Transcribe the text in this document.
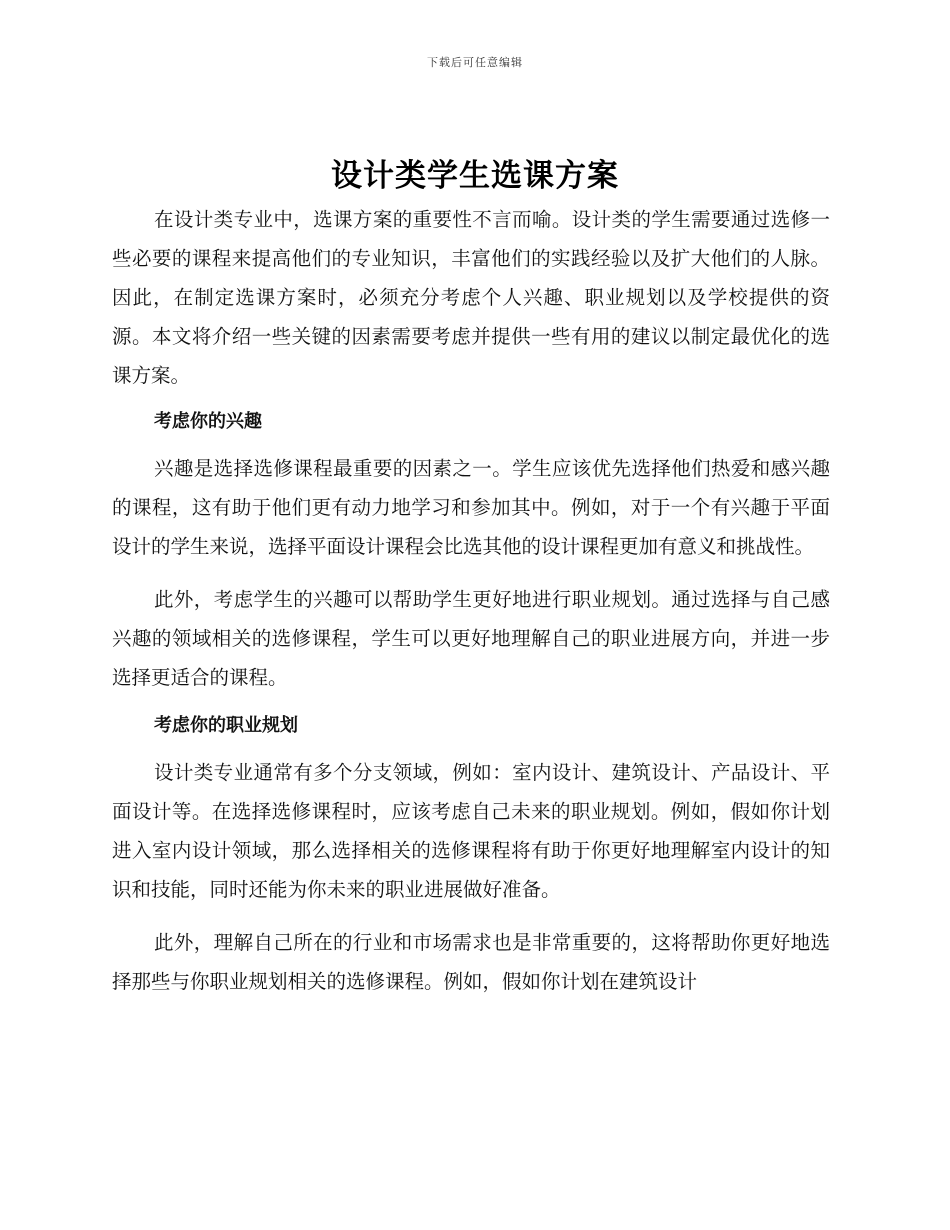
下载后可任意编辑
设计类学生选课方案

在设计类专业中，选课方案的重要性不言而喻。设计类的学生需要通过选修一些必要的课程来提高他们的专业知识，丰富他们的实践经验以及扩大他们的人脉。因此，在制定选课方案时，必须充分考虑个人兴趣、职业规划以及学校提供的资源。本文将介绍一些关键的因素需要考虑并提供一些有用的建议以制定最优化的选课方案。

考虑你的兴趣

兴趣是选择选修课程最重要的因素之一。学生应该优先选择他们热爱和感兴趣的课程，这有助于他们更有动力地学习和参加其中。例如，对于一个有兴趣于平面设计的学生来说，选择平面设计课程会比选其他的设计课程更加有意义和挑战性。

此外，考虑学生的兴趣可以帮助学生更好地进行职业规划。通过选择与自己感兴趣的领域相关的选修课程，学生可以更好地理解自己的职业进展方向，并进一步选择更适合的课程。

考虑你的职业规划

设计类专业通常有多个分支领域，例如：室内设计、建筑设计、产品设计、平面设计等。在选择选修课程时，应该考虑自己未来的职业规划。例如，假如你计划进入室内设计领域，那么选择相关的选修课程将有助于你更好地理解室内设计的知识和技能，同时还能为你未来的职业进展做好准备。

此外，理解自己所在的行业和市场需求也是非常重要的，这将帮助你更好地选择那些与你职业规划相关的选修课程。例如，假如你计划在建筑设计
